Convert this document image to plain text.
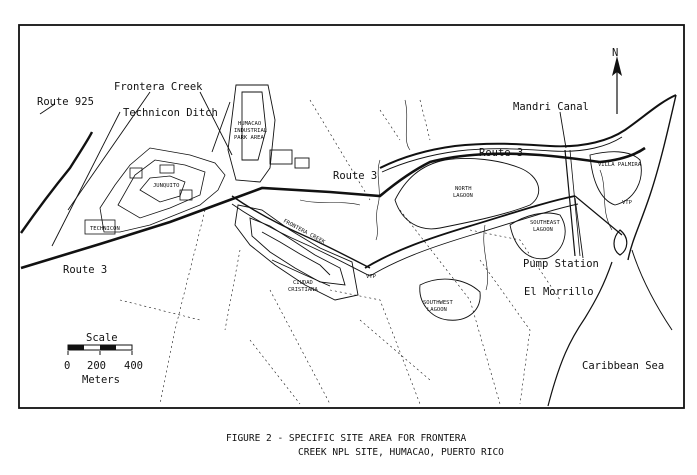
N
Frontera Creek
Route 925
Technicon Ditch
Route 3
Route 3
Route 3
Mandri Canal
Pump Station
El Morrillo
Caribbean Sea
HUMACAO
INDUSTRIAL
PARK AREA
FRONTERA CREEK
CIUDAD
CRISTIANA
NORTH
LAGOON
SOUTHWEST
LAGOON
SOUTHEAST
LAGOON
VILLA PALMIRA
VTP
VTP
TECHNICON
JUNQUITO
Scale
0 200 400
Meters
FIGURE 2 - SPECIFIC SITE AREA FOR FRONTERA
CREEK NPL SITE, HUMACAO, PUERTO RICO
